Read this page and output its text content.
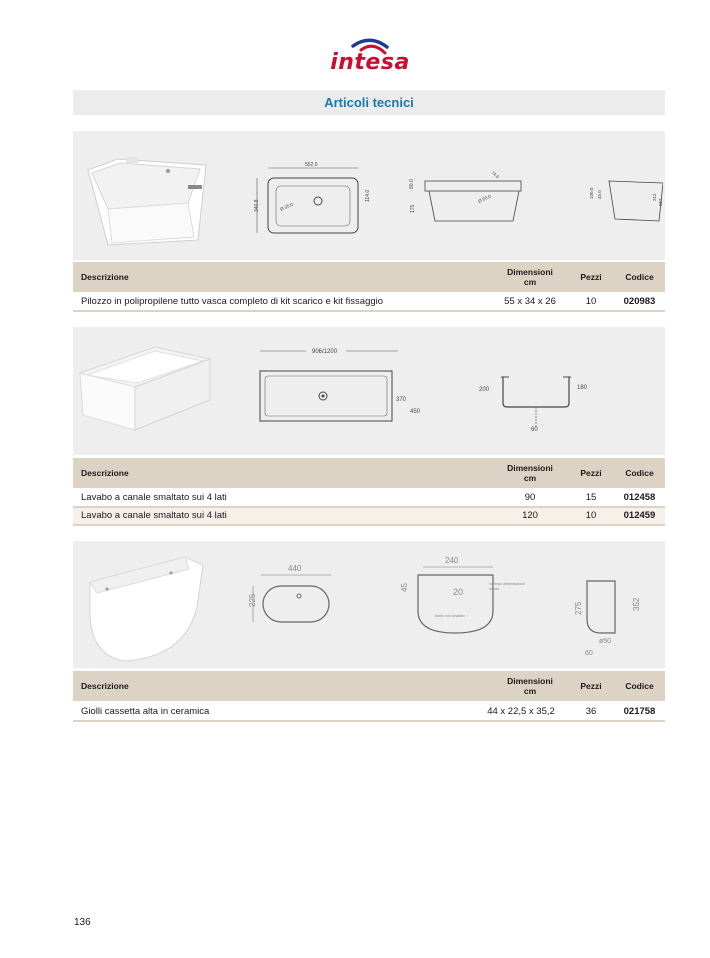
intesa
Articoli tecnici
552.0
Ø 35.0
340.8
114.0
80.0
175
74.6
Ø 50.0	100.0 45.0	212
257
Descrizione	Dimensioni
cm	Pezzi	Codice
Pilozzo in polipropilene tutto vasca completo di kit scarico e kit fissaggio	55 x 34 x 26	10	020983
906/1200
370
450
200	180
60
Descrizione	Dimensioni
cm	Pezzi	Codice
Lavabo a canale smaltato sui 4 lati	90	15	012458
Lavabo a canale smaltato sui 4 lati	120	10	012459
440
225
240
45	20
ingresso alimentazione
da vite
bordo non smaltato
275	352
ø50
60
Descrizione	Dimensioni
cm	Pezzi	Codice
Giolli cassetta alta in ceramica	44 x 22,5 x 35,2	36	021758
136
